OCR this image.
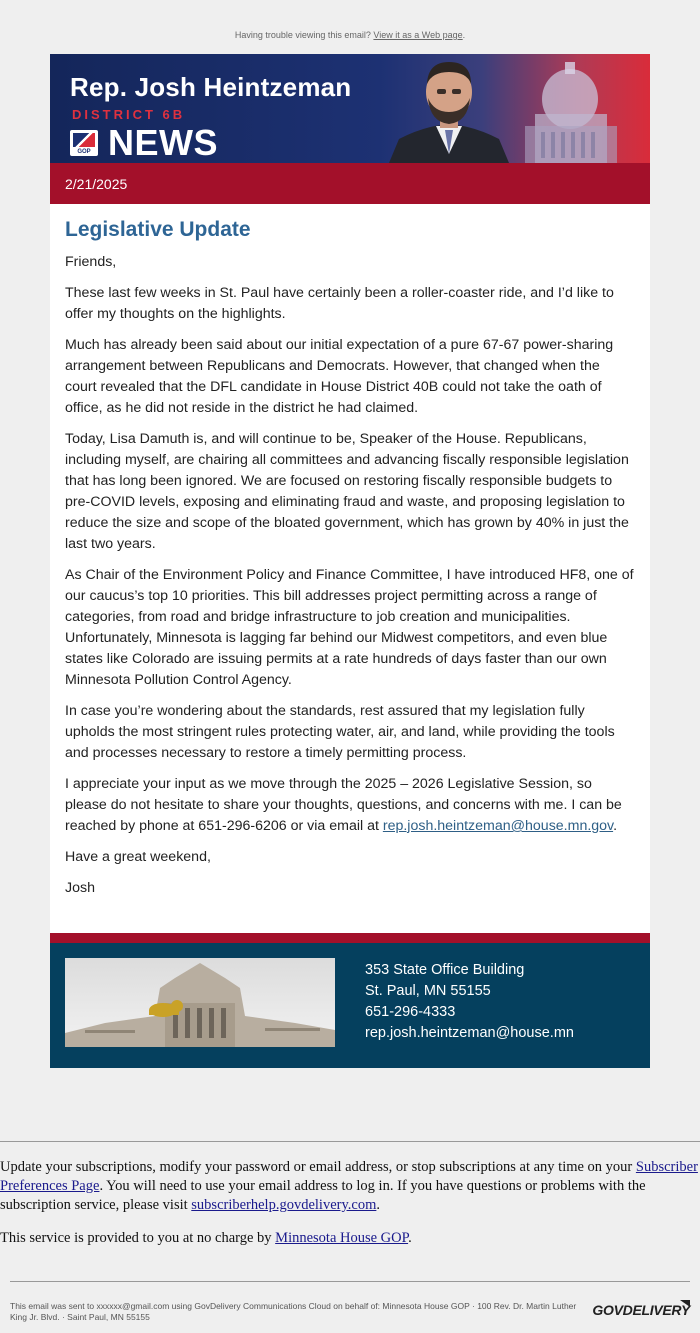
Having trouble viewing this email? View it as a Web page.
Rep. Josh Heintzeman
DISTRICT 6B
GOP NEWS
2/21/2025
Legislative Update

Friends,

These last few weeks in St. Paul have certainly been a roller-coaster ride, and I’d like to offer my thoughts on the highlights.

Much has already been said about our initial expectation of a pure 67-67 power-sharing arrangement between Republicans and Democrats. However, that changed when the court revealed that the DFL candidate in House District 40B could not take the oath of office, as he did not reside in the district he had claimed.

Today, Lisa Damuth is, and will continue to be, Speaker of the House. Republicans, including myself, are chairing all committees and advancing fiscally responsible legislation that has long been ignored. We are focused on restoring fiscally responsible budgets to pre-COVID levels, exposing and eliminating fraud and waste, and proposing legislation to reduce the size and scope of the bloated government, which has grown by 40% in just the last two years.

As Chair of the Environment Policy and Finance Committee, I have introduced HF8, one of our caucus’s top 10 priorities. This bill addresses project permitting across a range of categories, from road and bridge infrastructure to job creation and municipalities. Unfortunately, Minnesota is lagging far behind our Midwest competitors, and even blue states like Colorado are issuing permits at a rate hundreds of days faster than our own Minnesota Pollution Control Agency.

In case you’re wondering about the standards, rest assured that my legislation fully upholds the most stringent rules protecting water, air, and land, while providing the tools and processes necessary to restore a timely permitting process.

I appreciate your input as we move through the 2025 – 2026 Legislative Session, so please do not hesitate to share your thoughts, questions, and concerns with me. I can be reached by phone at 651-296-6206 or via email at rep.josh.heintzeman@house.mn.gov.

Have a great weekend,

Josh

353 State Office Building
St. Paul, MN 55155
651-296-4333
rep.josh.heintzeman@house.mn

Update your subscriptions, modify your password or email address, or stop subscriptions at any time on your Subscriber Preferences Page. You will need to use your email address to log in. If you have questions or problems with the subscription service, please visit subscriberhelp.govdelivery.com.

This service is provided to you at no charge by Minnesota House GOP.

This email was sent to xxxxxx@gmail.com using GovDelivery Communications Cloud on behalf of: Minnesota House GOP · 100 Rev. Dr. Martin Luther King Jr. Blvd. · Saint Paul, MN 55155	GOVDELIVERY
